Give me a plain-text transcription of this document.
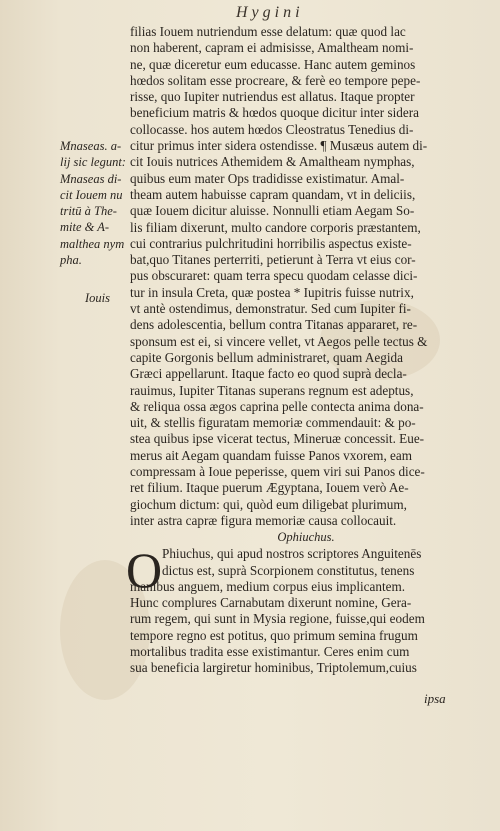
Hygini
Mnaseas. a-
lij sic legunt:
Mnaseas di-
cit Iouem nu
tritū à The-
mite & A-
malthea nym
pha.
Iouis
filias Iouem nutriendum esse delatum: quæ quod lac
non haberent, capram ei admisisse, Amaltheam nomi-
ne, quæ diceretur eum educasse. Hanc autem geminos
hœdos solitam esse procreare, & ferè eo tempore pepe-
risse, quo Iupiter nutriendus est allatus. Itaque propter
beneficium matris & hœdos quoque dicitur inter sidera
collocasse. hos autem hœdos Cleostratus Tenedius di-
citur primus inter sidera ostendisse. ¶ Musæus autem di-
cit Iouis nutrices Athemidem & Amaltheam nymphas,
quibus eum mater Ops tradidisse existimatur. Amal-
theam autem habuisse capram quandam, vt in deliciis,
quæ Iouem dicitur aluisse. Nonnulli etiam Aegam So-
lis filiam dixerunt, multo candore corporis præstantem,
cui contrarius pulchritudini horribilis aspectus existe-
bat,quo Titanes perterriti, petierunt à Terra vt eius cor-
pus obscuraret: quam terra specu quodam celasse dici-
tur in insula Creta, quæ postea * Iupitris fuisse nutrix,
vt antè ostendimus, demonstratur. Sed cum Iupiter fi-
dens adolescentia, bellum contra Titanas appararet, re-
sponsum est ei, si vincere vellet, vt Aegos pelle tectus &
capite Gorgonis bellum administraret, quam Aegida
Græci appellarunt. Itaque facto eo quod suprà decla-
rauimus, Iupiter Titanas superans regnum est adeptus,
& reliqua ossa ægos caprina pelle contecta anima dona-
uit, & stellis figuratam memoriæ commendauit: & po-
stea quibus ipse vicerat tectus, Mineruæ concessit. Eue-
merus ait Aegam quandam fuisse Panos vxorem, eam
compressam à Ioue peperisse, quem viri sui Panos dice-
ret filium. Itaque puerum Ægyptana, Iouem verò Ae-
giochum dictum: qui, quòd eum diligebat plurimum,
inter astra capræ figura memoriæ causa collocauit.
Ophiuchus.
O Phiuchus, qui apud nostros scriptores Anguitenēs
dictus est, suprà Scorpionem constitutus, tenens
manibus anguem, medium corpus eius implicantem.
Hunc complures Carnabutam dixerunt nomine, Gera-
rum regem, qui sunt in Mysia regione, fuisse,qui eodem
tempore regno est potitus, quo primum semina frugum
mortalibus tradita esse existimantur. Ceres enim cum
sua beneficia largiretur hominibus, Triptolemum,cuius
ipsa
